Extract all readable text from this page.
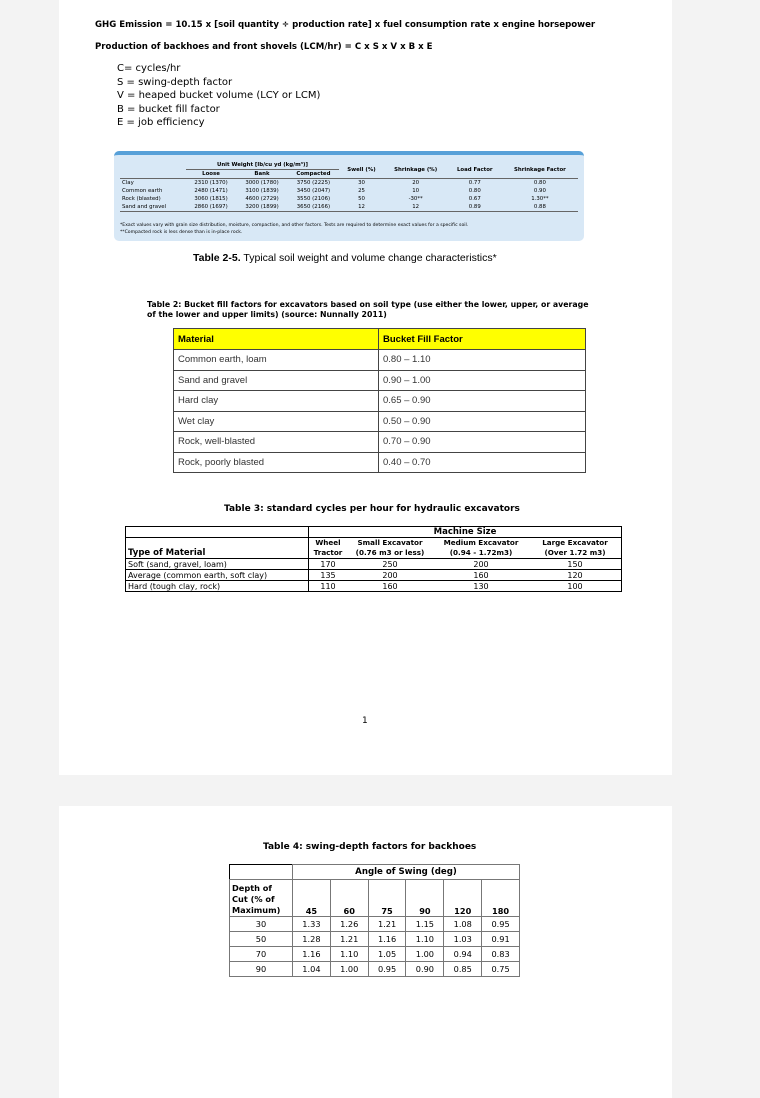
GHG Emission = 10.15 x [soil quantity ÷ production rate] x fuel consumption rate x engine horsepower
Production of backhoes and front shovels (LCM/hr) = C x S x V x B x E
C= cycles/hr
S = swing-depth factor
V = heaped bucket volume (LCY or LCM)
B = bucket fill factor
E = job efficiency
	Unit Weight [lb/cu yd (kg/m³)]			Swell (%)	Shrinkage (%)	Load Factor	Shrinkage Factor
	Loose	Bank	Compacted				
Clay	2310 (1370)	3000 (1780)	3750 (2225)	30	20	0.77	0.80
Common earth	2480 (1471)	3100 (1839)	3450 (2047)	25	10	0.80	0.90
Rock (blasted)	3060 (1815)	4600 (2729)	3550 (2106)	50	-30**	0.67	1.30**
Sand and gravel	2860 (1697)	3200 (1899)	3650 (2166)	12	12	0.89	0.88
*Exact values vary with grain size distribution, moisture, compaction, and other factors. Tests are required to determine exact values for a specific soil.
**Compacted rock is less dense than is in-place rock.
Table 2-5. Typical soil weight and volume change characteristics*
Table 2: Bucket fill factors for excavators based on soil type (use either the lower, upper, or average of the lower and upper limits) (source: Nunnally 2011)
Material	Bucket Fill Factor
Common earth, loam	0.80 – 1.10
Sand and gravel	0.90 – 1.00
Hard clay	0.65 – 0.90
Wet clay	0.50 – 0.90
Rock, well-blasted	0.70 – 0.90
Rock, poorly blasted	0.40 – 0.70
Table 3: standard cycles per hour for hydraulic excavators
	Machine Size			
Type of Material	Wheel Tractor	Small Excavator (0.76 m3 or less)	Medium Excavator (0.94 - 1.72m3)	Large Excavator (Over 1.72 m3)
Soft (sand, gravel, loam)	170	250	200	150
Average (common earth, soft clay)	135	200	160	120
Hard (tough clay, rock)	110	160	130	100
1
Table 4: swing-depth factors for backhoes
	Angle of Swing (deg)					
Depth of Cut (% of Maximum)	45	60	75	90	120	180
30	1.33	1.26	1.21	1.15	1.08	0.95
50	1.28	1.21	1.16	1.10	1.03	0.91
70	1.16	1.10	1.05	1.00	0.94	0.83
90	1.04	1.00	0.95	0.90	0.85	0.75
